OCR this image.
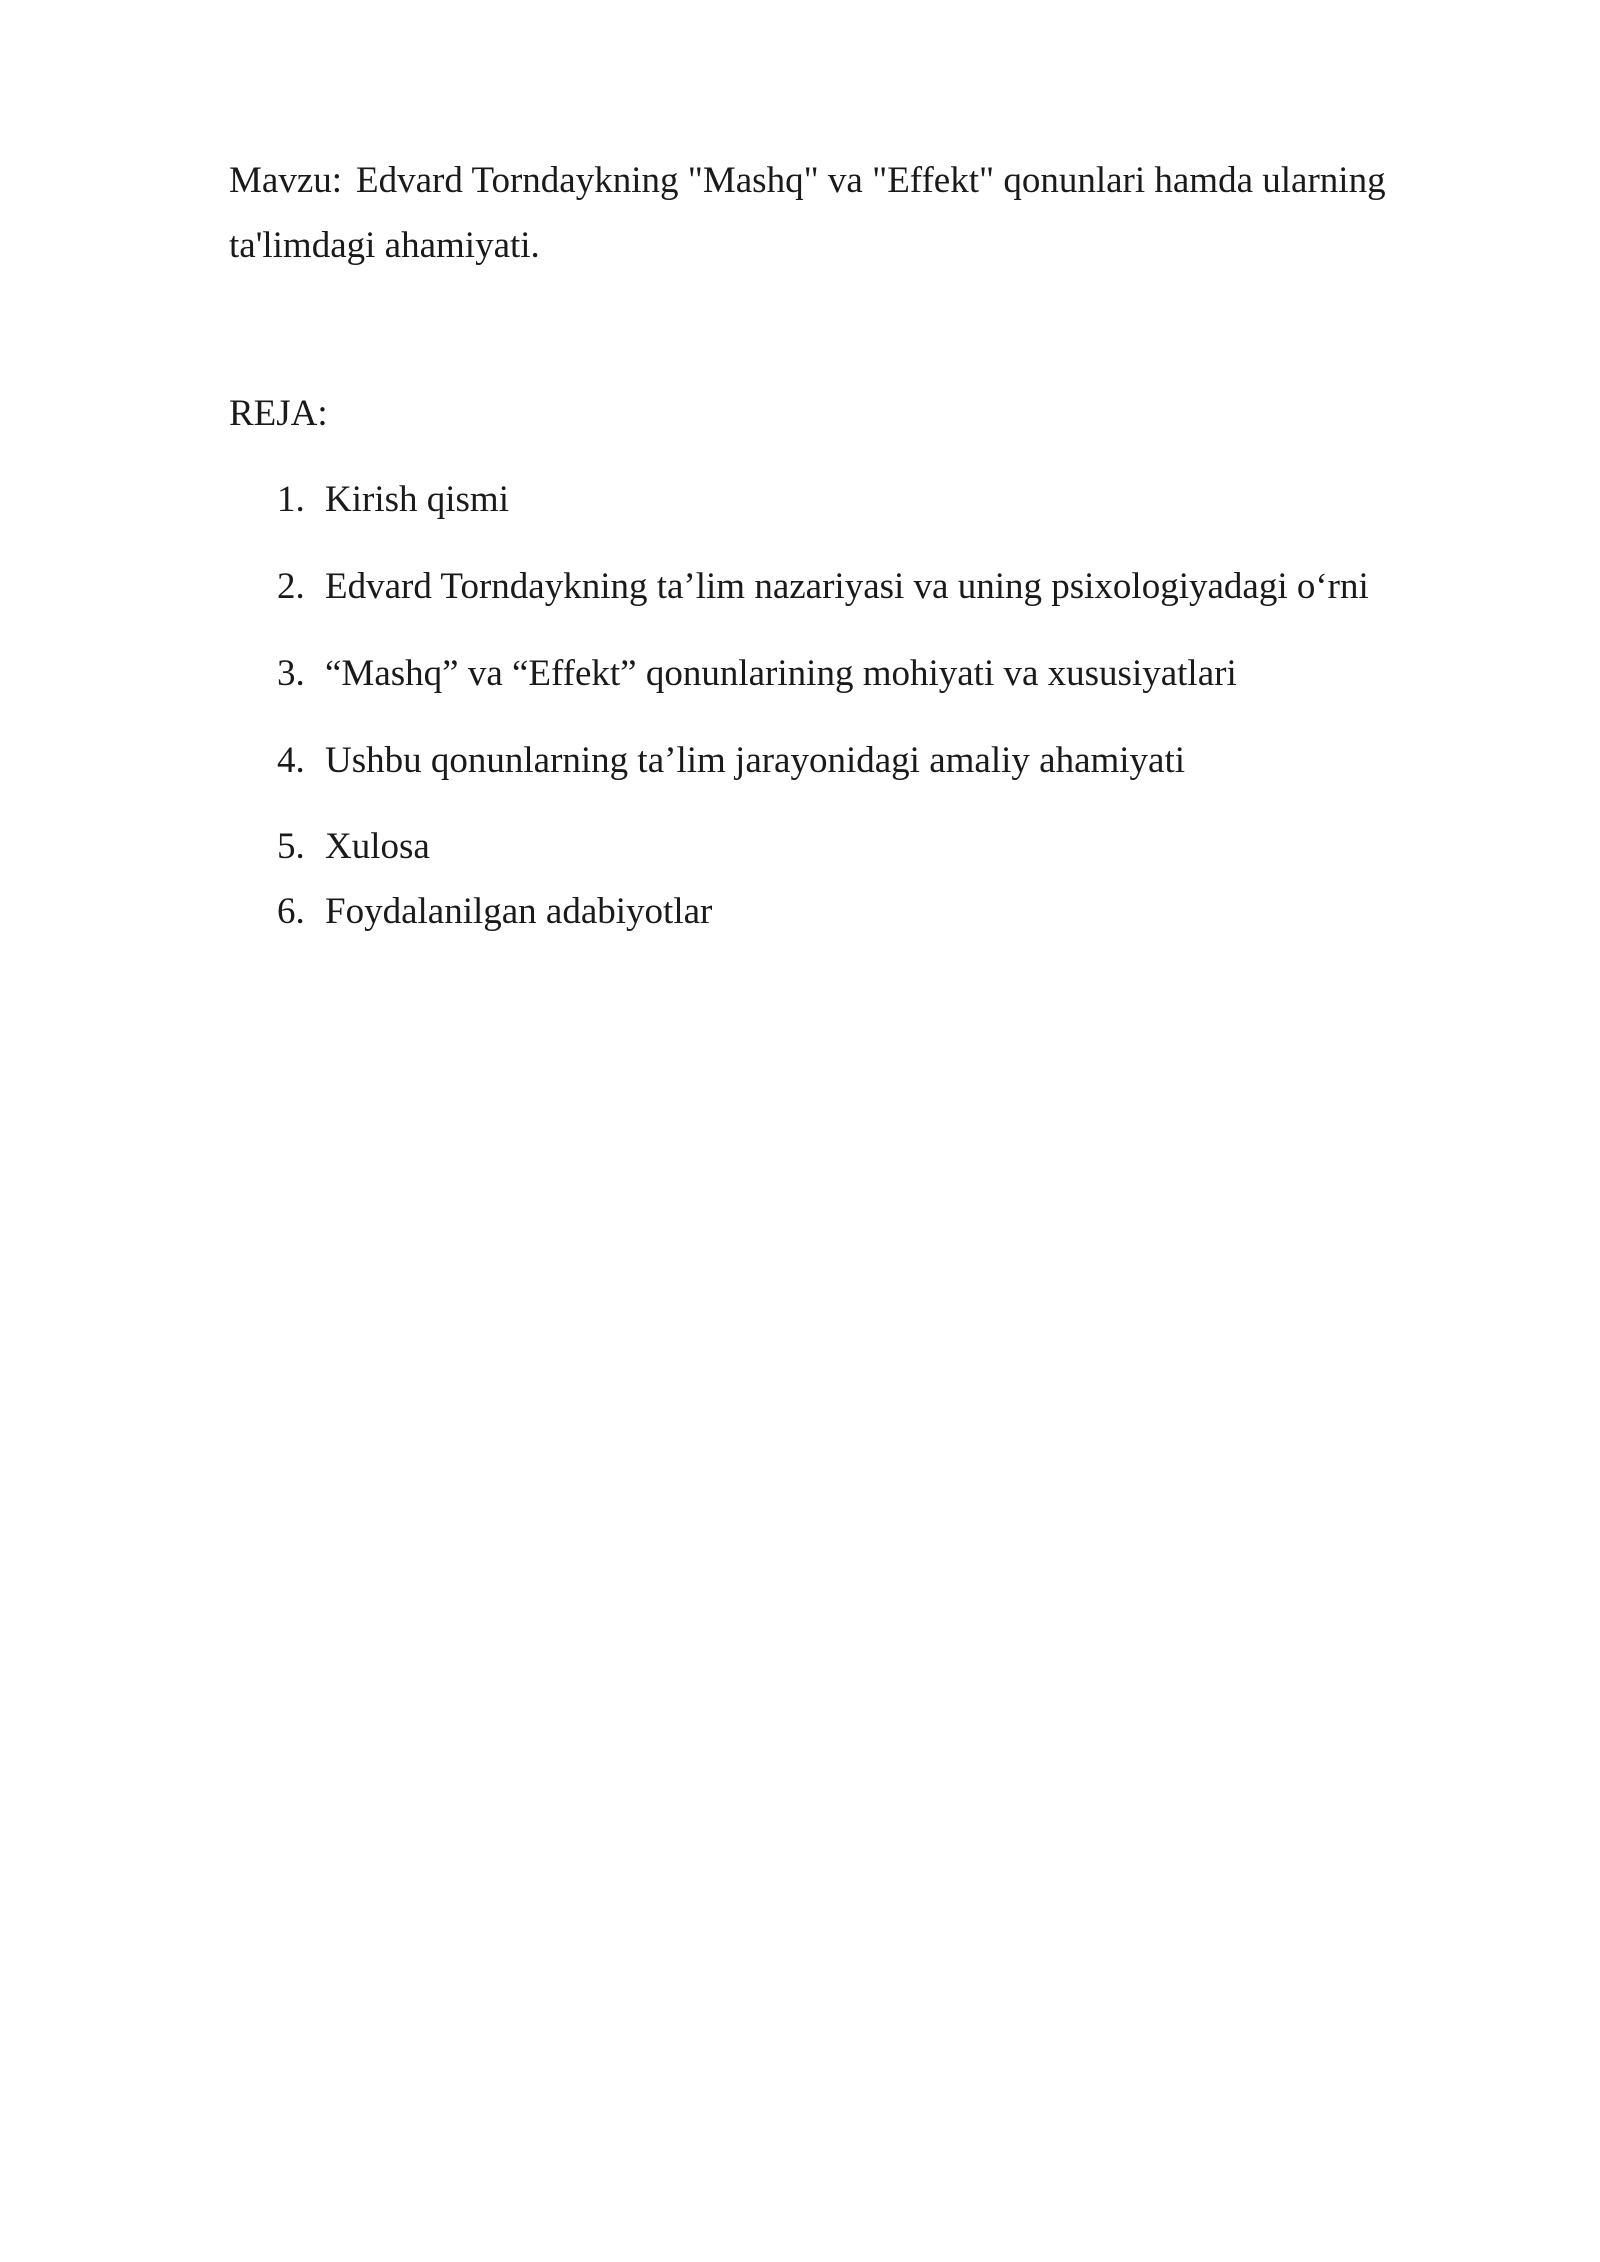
Mavzu: Edvard Torndaykning "Mashq" va "Effekt" qonunlari hamda ularning ta'limdagi ahamiyati.

REJA:

1. Kirish qismi

2. Edvard Torndaykning ta’lim nazariyasi va uning psixologiyadagi o‘rni

3. “Mashq” va “Effekt” qonunlarining mohiyati va xususiyatlari

4. Ushbu qonunlarning ta’lim jarayonidagi amaliy ahamiyati

5. Xulosa

6. Foydalanilgan adabiyotlar
